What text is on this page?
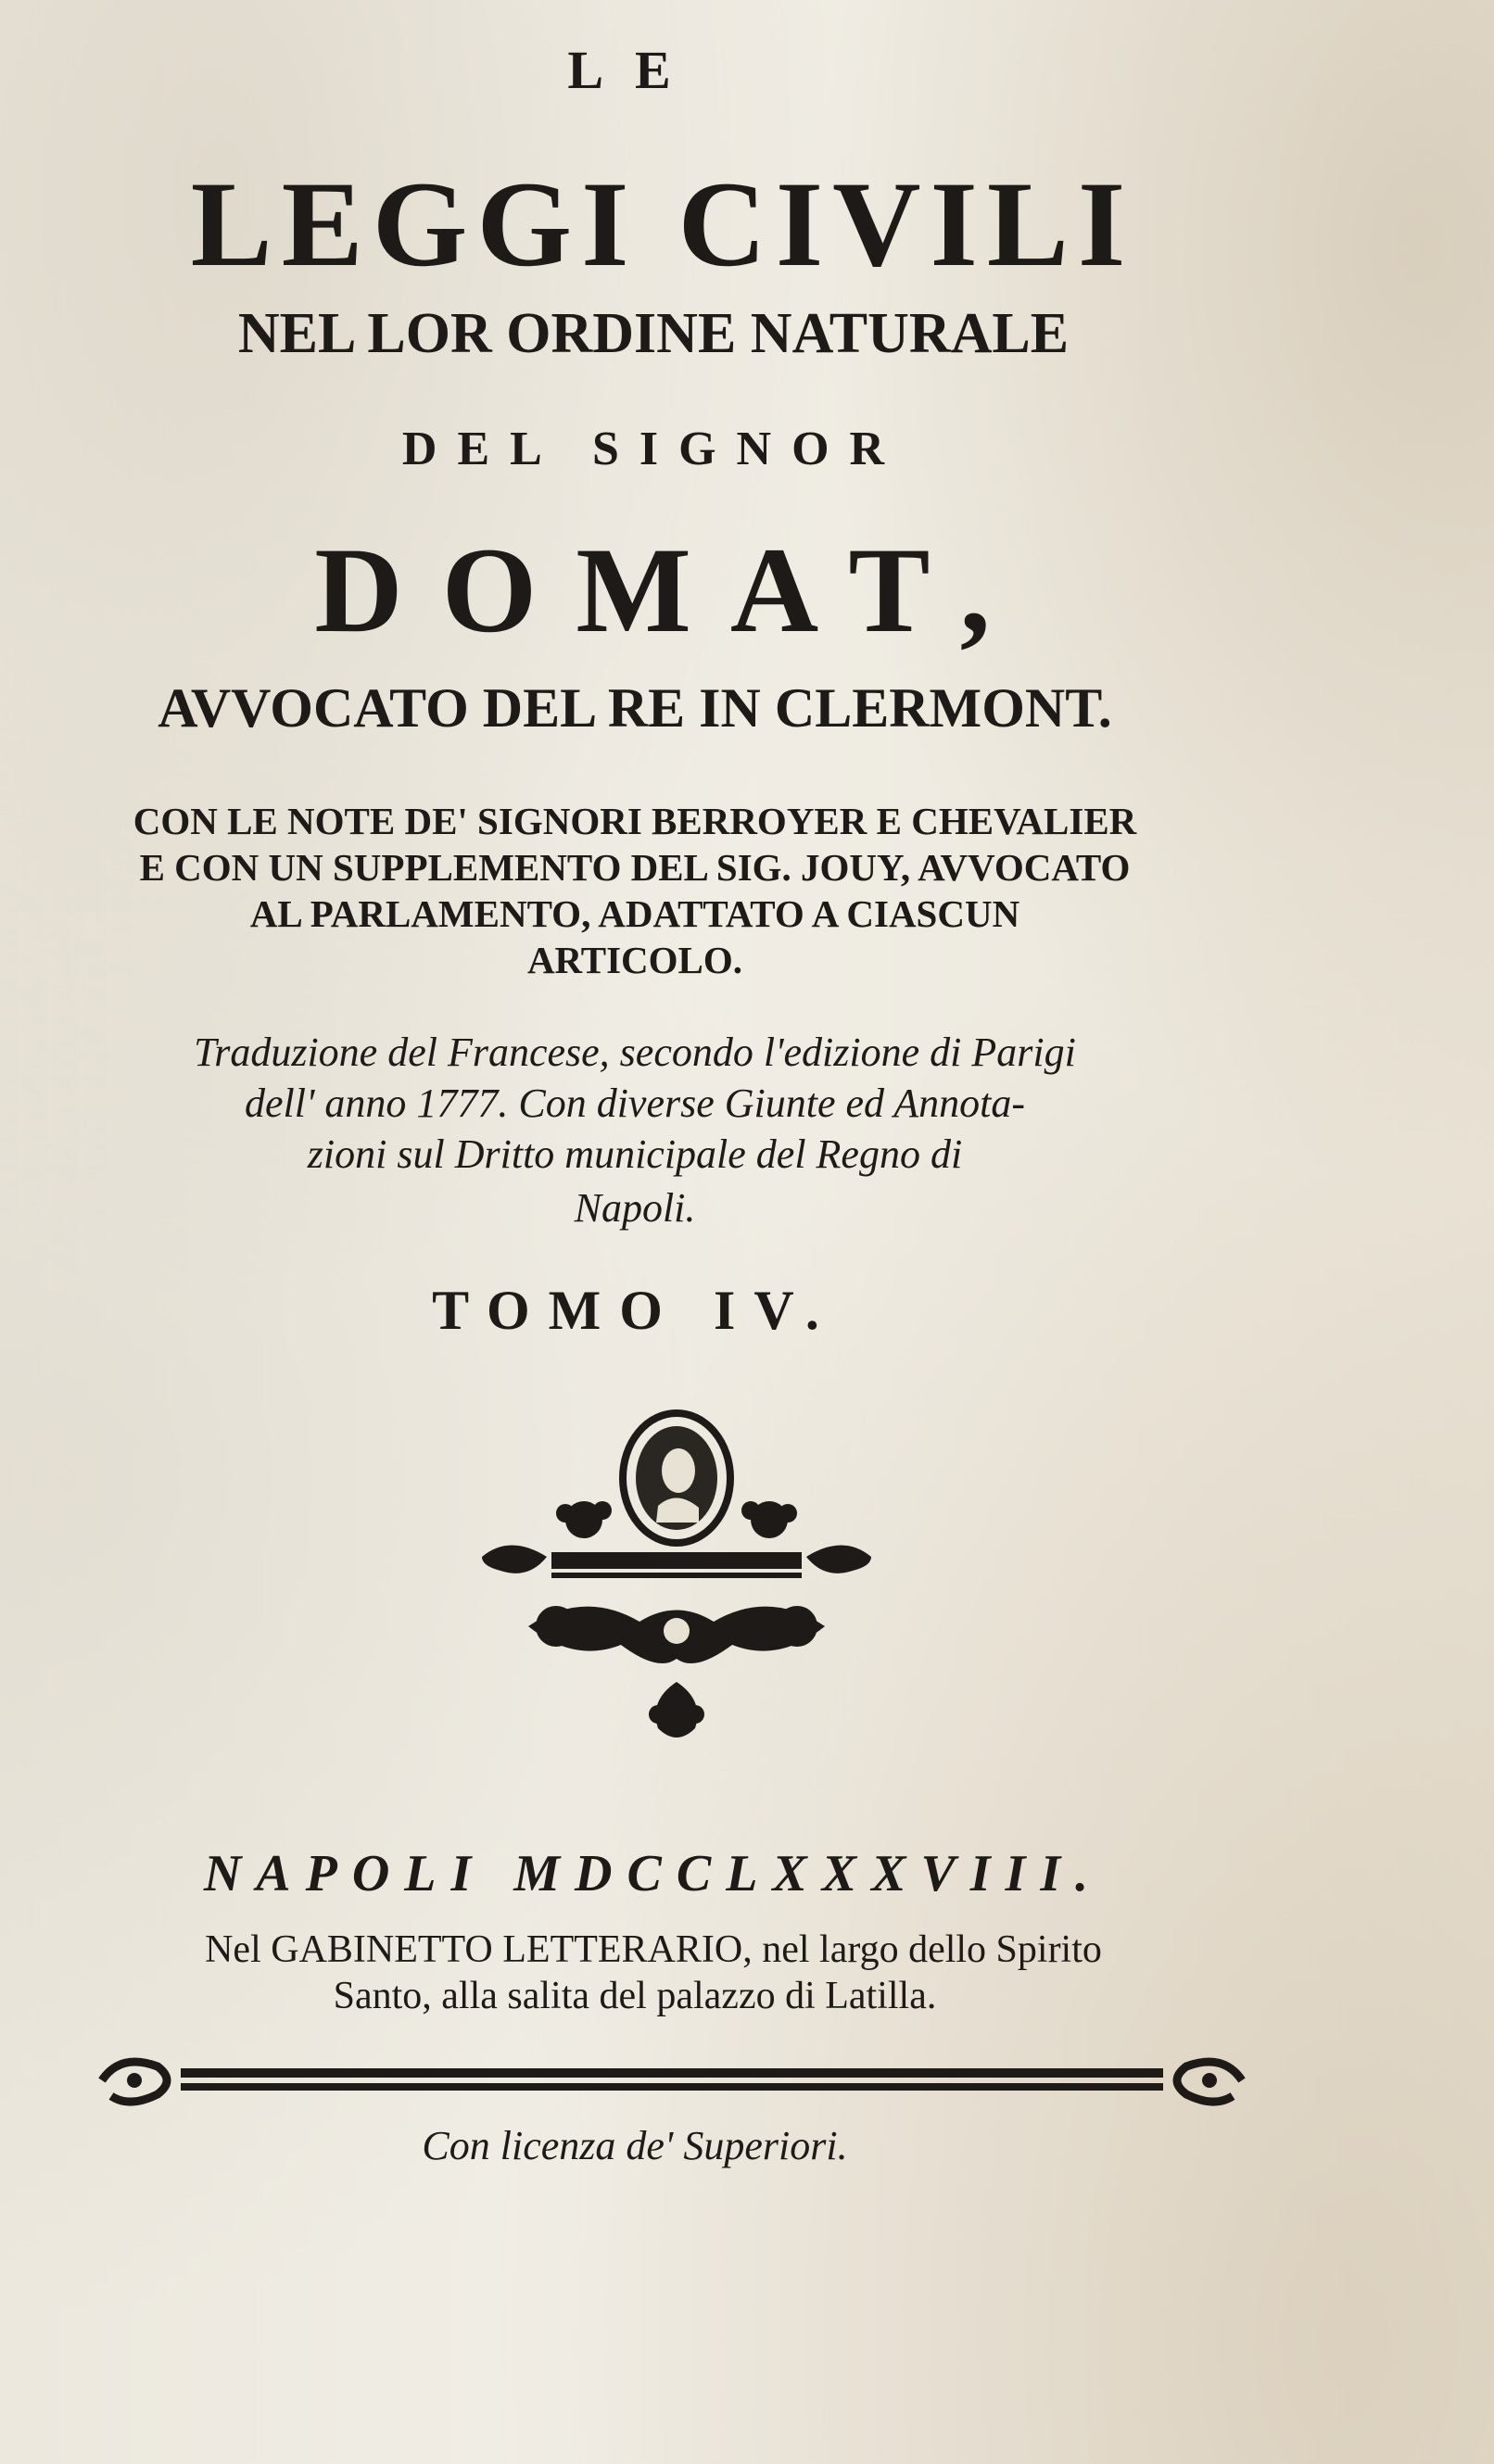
LE
LEGGI CIVILI
NEL LOR ORDINE NATURALE
DEL SIGNOR
DOMAT,
AVVOCATO DEL RE IN CLERMONT.
CON LE NOTE DE' SIGNORI BERROYER E CHEVALIER
E CON UN SUPPLEMENTO DEL SIG. JOUY, AVVOCATO
AL PARLAMENTO, ADATTATO A CIASCUN
ARTICOLO.
Traduzione del Francese, secondo l'edizione di Parigi
dell' anno 1777. Con diverse Giunte ed Annota-
zioni sul Dritto municipale del Regno di
Napoli.
TOMO IV.
NAPOLI MDCCLXXXVIII.
Nel GABINETTO LETTERARIO, nel largo dello Spirito
Santo, alla salita del palazzo di Latilla.
Con licenza de' Superiori.
